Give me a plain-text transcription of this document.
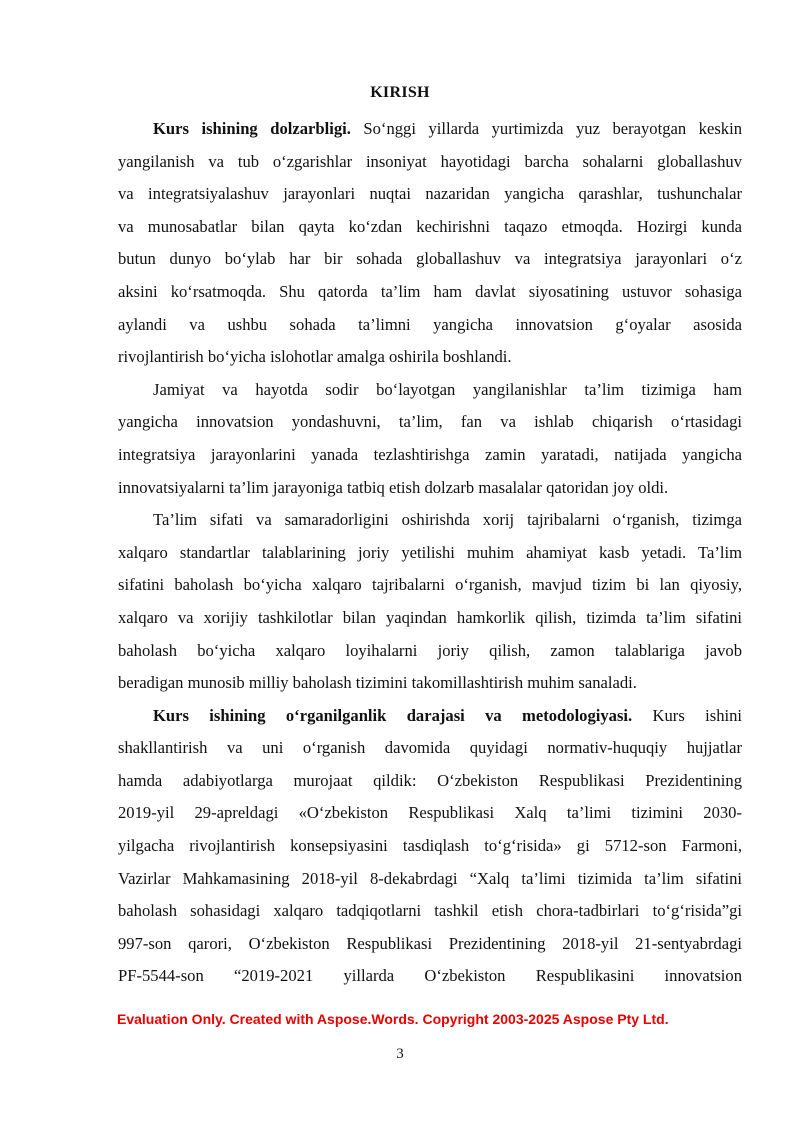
KIRISH

Kurs ishining dolzarbligi. So‘nggi yillarda yurtimizda yuz berayotgan keskin
yangilanish va tub o‘zgarishlar insoniyat hayotidagi barcha sohalarni globallashuv
va integratsiyalashuv jarayonlari nuqtai nazaridan yangicha qarashlar, tushunchalar
va munosabatlar bilan qayta ko‘zdan kechirishni taqazo etmoqda. Hozirgi kunda
butun dunyo bo‘ylab har bir sohada globallashuv va integratsiya jarayonlari o‘z
aksini ko‘rsatmoqda. Shu qatorda ta’lim ham davlat siyosatining ustuvor sohasiga
aylandi va ushbu sohada ta’limni yangicha innovatsion g‘oyalar asosida
rivojlantirish bo‘yicha islohotlar amalga oshirila boshlandi.

Jamiyat va hayotda sodir bo‘layotgan yangilanishlar ta’lim tizimiga ham
yangicha innovatsion yondashuvni, ta’lim, fan va ishlab chiqarish o‘rtasidagi
integratsiya jarayonlarini yanada tezlashtirishga zamin yaratadi, natijada yangicha
innovatsiyalarni ta’lim jarayoniga tatbiq etish dolzarb masalalar qatoridan joy oldi.

Ta’lim sifati va samaradorligini oshirishda xorij tajribalarni o‘rganish, tizimga
xalqaro standartlar talablarining joriy yetilishi muhim ahamiyat kasb yetadi. Ta’lim
sifatini baholash bo‘yicha xalqaro tajribalarni o‘rganish, mavjud tizim bi lan qiyosiy,
xalqaro va xorijiy tashkilotlar bilan yaqindan hamkorlik qilish, tizimda ta’lim sifatini
baholash bo‘yicha xalqaro loyihalarni joriy qilish, zamon talablariga javob
beradigan munosib milliy baholash tizimini takomillashtirish muhim sanaladi.

Kurs ishining o‘rganilganlik darajasi va metodologiyasi. Kurs ishini
shakllantirish va uni o‘rganish davomida quyidagi normativ-huquqiy hujjatlar
hamda adabiyotlarga murojaat qildik: O‘zbekiston Respublikasi Prezidentining
2019-yil 29-apreldagi «O‘zbekiston Respublikasi Xalq ta’limi tizimini 2030-
yilgacha rivojlantirish konsepsiyasini tasdiqlash to‘g‘risida» gi 5712-son Farmoni,
Vazirlar Mahkamasining 2018-yil 8-dekabrdagi “Xalq ta’limi tizimida ta’lim sifatini
baholash sohasidagi xalqaro tadqiqotlarni tashkil etish chora-tadbirlari to‘g‘risida”gi
997-son qarori, O‘zbekiston Respublikasi Prezidentining 2018-yil 21-sentyabrdagi
PF-5544-son “2019-2021 yillarda O‘zbekiston Respublikasini innovatsion

Evaluation Only. Created with Aspose.Words. Copyright 2003-2025 Aspose Pty Ltd.
3
